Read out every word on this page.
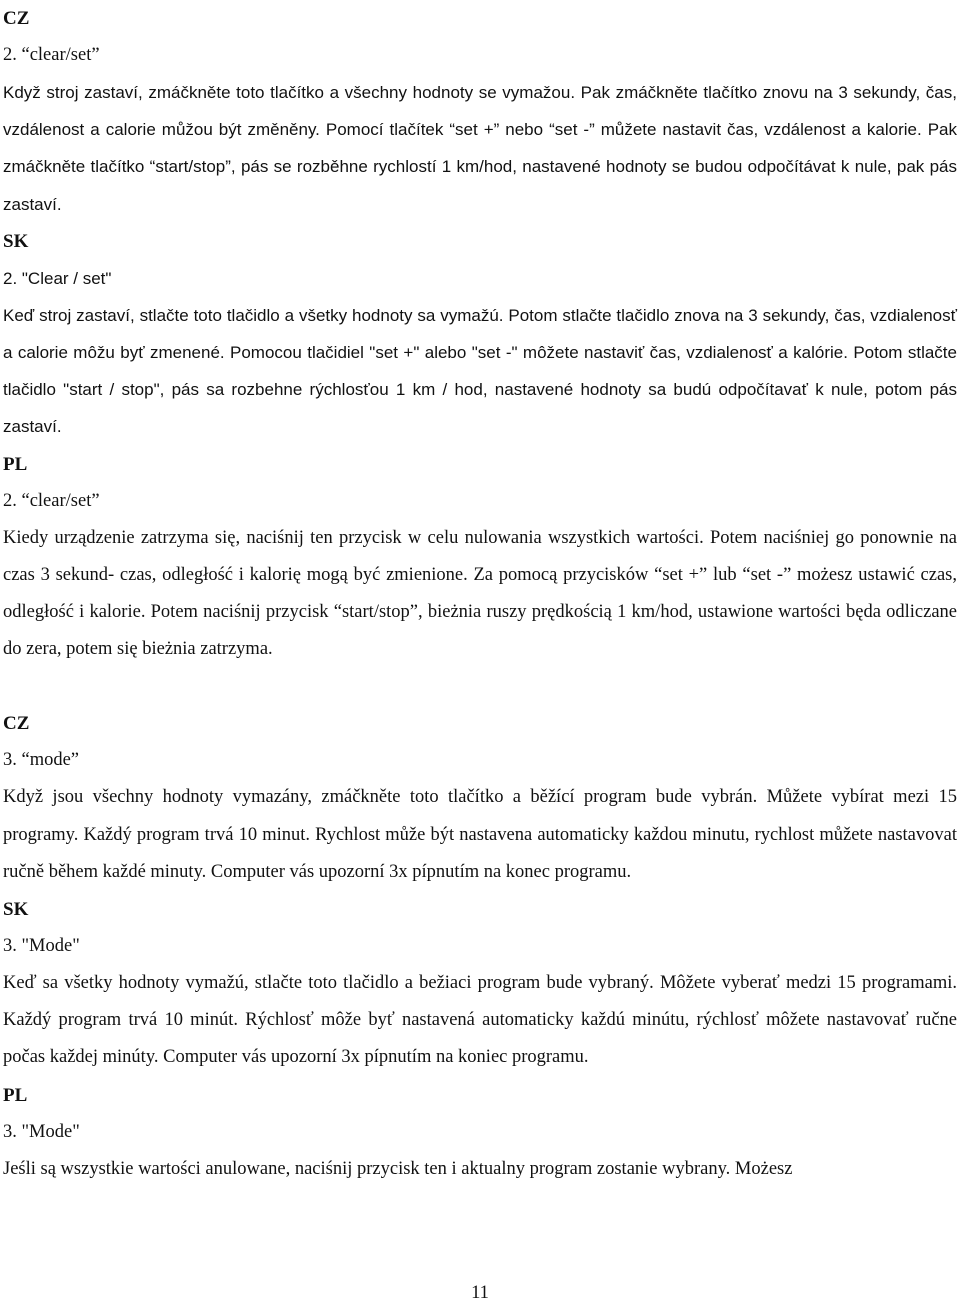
CZ

2. “clear/set”

Když stroj zastaví, zmáčkněte toto tlačítko a všechny hodnoty se vymažou. Pak zmáčkněte tlačítko znovu na 3 sekundy, čas, vzdálenost a calorie můžou být změněny. Pomocí tlačítek “set +” nebo “set -” můžete nastavit čas, vzdálenost a kalorie. Pak zmáčkněte tlačítko “start/stop”, pás se rozběhne rychlostí 1 km/hod, nastavené hodnoty se budou odpočítávat k nule, pak pás zastaví.

SK

2. "Clear / set"

Keď stroj zastaví, stlačte toto tlačidlo a všetky hodnoty sa vymažú. Potom stlačte tlačidlo znova na 3 sekundy, čas, vzdialenosť a calorie môžu byť zmenené. Pomocou tlačidiel "set +" alebo "set -" môžete nastaviť čas, vzdialenosť a kalórie. Potom stlačte tlačidlo "start / stop", pás sa rozbehne rýchlosťou 1 km / hod, nastavené hodnoty sa budú odpočítavať k nule, potom pás zastaví.

PL

2. “clear/set”

Kiedy urządzenie zatrzyma się, naciśnij ten przycisk w celu nulowania wszystkich wartości. Potem naciśniej go ponownie na czas 3 sekund- czas, odległość i kalorię mogą być zmienione. Za pomocą przycisków “set +” lub “set -” możesz ustawić czas, odległość i kalorie. Potem naciśnij przycisk “start/stop”, bieżnia ruszy prędkością 1 km/hod, ustawione wartości będa odliczane do zera, potem się bieżnia zatrzyma.

CZ

3. “mode”

Když jsou všechny hodnoty vymazány, zmáčkněte toto tlačítko a běžící program bude vybrán. Můžete vybírat mezi 15 programy. Každý program trvá 10 minut. Rychlost může být nastavena automaticky každou minutu, rychlost můžete nastavovat ručně během každé minuty. Computer vás upozorní 3x pípnutím na konec programu.

SK

3. "Mode"

Keď sa všetky hodnoty vymažú, stlačte toto tlačidlo a bežiaci program bude vybraný. Môžete vyberať medzi 15 programami. Každý program trvá 10 minút. Rýchlosť môže byť nastavená automaticky každú minútu, rýchlosť môžete nastavovať ručne počas každej minúty. Computer vás upozorní 3x pípnutím na koniec programu.

PL

3. "Mode"

Jeśli są wszystkie wartości anulowane, naciśnij przycisk ten i aktualny program zostanie wybrany. Możesz

11
